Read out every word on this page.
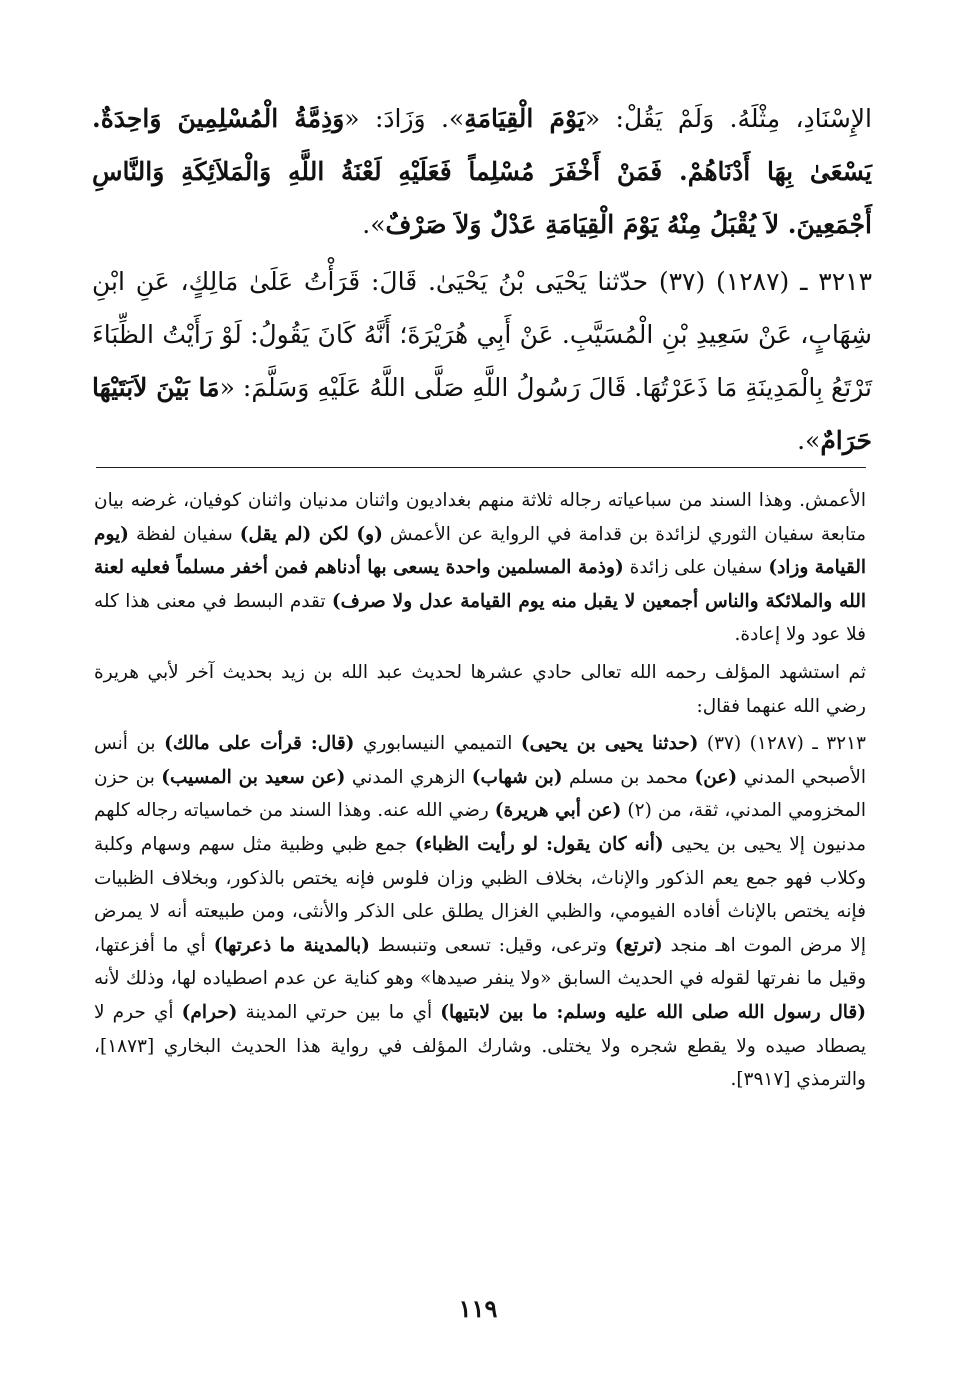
الإِسْنَادِ، مِثْلَهُ. وَلَمْ يَقُلْ: «يَوْمَ الْقِيَامَةِ». وَزَادَ: «وَذِمَّةُ الْمُسْلِمِينَ وَاحِدَةٌ. يَسْعَىٰ بِهَا أَدْنَاهُمْ. فَمَنْ أَخْفَرَ مُسْلِماً فَعَلَيْهِ لَعْنَةُ اللَّهِ وَالْمَلاَئِكَةِ وَالنَّاسِ أَجْمَعِينَ. لاَ يُقْبَلُ مِنْهُ يَوْمَ الْقِيَامَةِ عَدْلٌ وَلاَ صَرْفٌ».

٣٢١٣ ـ (١٢٨٧) (٣٧) حدّثنا يَحْيَى بْنُ يَحْيَىٰ. قَالَ: قَرَأْتُ عَلَىٰ مَالِكٍ، عَنِ ابْنِ شِهَابٍ، عَنْ سَعِيدِ بْنِ الْمُسَيَّبِ. عَنْ أَبِي هُرَيْرَةَ؛ أَنَّهُ كَانَ يَقُولُ: لَوْ رَأَيْتُ الظِّبَاءَ تَرْتَعُ بِالْمَدِينَةِ مَا ذَعَرْتُهَا. قَالَ رَسُولُ اللَّهِ صَلَّى اللَّهُ عَلَيْهِ وَسَلَّمَ: «مَا بَيْنَ لاَبَتَيْهَا حَرَامٌ».

الأعمش. وهذا السند من سباعياته رجاله ثلاثة منهم بغداديون واثنان مدنيان واثنان كوفيان، غرضه بيان متابعة سفيان الثوري لزائدة بن قدامة في الرواية عن الأعمش (و) لكن (لم يقل) سفيان لفظة (يوم القيامة وزاد) سفيان على زائدة (وذمة المسلمين واحدة يسعى بها أدناهم فمن أخفر مسلماً فعليه لعنة الله والملائكة والناس أجمعين لا يقبل منه يوم القيامة عدل ولا صرف) تقدم البسط في معنى هذا كله فلا عود ولا إعادة.

ثم استشهد المؤلف رحمه الله تعالى حادي عشرها لحديث عبد الله بن زيد بحديث آخر لأبي هريرة رضي الله عنهما فقال:

٣٢١٣ ـ (١٢٨٧) (٣٧) (حدثنا يحيى بن يحيى) التميمي النيسابوري (قال: قرأت على مالك) بن أنس الأصبحي المدني (عن) محمد بن مسلم (بن شهاب) الزهري المدني (عن سعيد بن المسيب) بن حزن المخزومي المدني، ثقة، من (٢) (عن أبي هريرة) رضي الله عنه. وهذا السند من خماسياته رجاله كلهم مدنيون إلا يحيى بن يحيى (أنه كان يقول: لو رأيت الظباء) جمع ظبي وظبية مثل سهم وسهام وكلبة وكلاب فهو جمع يعم الذكور والإناث، بخلاف الظبي وزان فلوس فإنه يختص بالذكور، وبخلاف الظبيات فإنه يختص بالإناث أفاده الفيومي، والظبي الغزال يطلق على الذكر والأنثى، ومن طبيعته أنه لا يمرض إلا مرض الموت اهـ منجد (ترتع) وترعى، وقيل: تسعى وتنبسط (بالمدينة ما ذعرتها) أي ما أفزعتها، وقيل ما نفرتها لقوله في الحديث السابق «ولا ينفر صيدها» وهو كناية عن عدم اصطياده لها، وذلك لأنه (قال رسول الله صلى الله عليه وسلم: ما بين لابتيها) أي ما بين حرتي المدينة (حرام) أي حرم لا يصطاد صيده ولا يقطع شجره ولا يختلى. وشارك المؤلف في رواية هذا الحديث البخاري [١٨٧٣]، والترمذي [٣٩١٧].

١١٩
